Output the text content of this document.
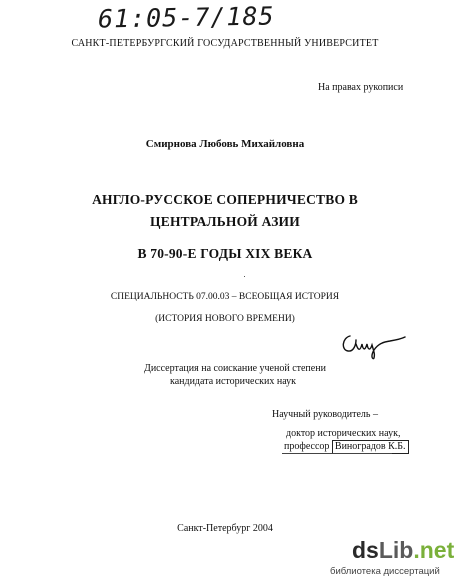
61:05-7/185
САНКТ-ПЕТЕРБУРГСКИЙ ГОСУДАРСТВЕННЫЙ УНИВЕРСИТЕТ
На правах рукописи
Смирнова Любовь Михайловна
АНГЛО-РУССКОЕ СОПЕРНИЧЕСТВО В
ЦЕНТРАЛЬНОЙ АЗИИ
В 70-90-Е ГОДЫ XIX ВЕКА
СПЕЦИАЛЬНОСТЬ 07.00.03 – ВСЕОБЩАЯ ИСТОРИЯ
(ИСТОРИЯ НОВОГО ВРЕМЕНИ)
Диссертация на соискание ученой степени
кандидата исторических наук
Научный руководитель –
доктор исторических наук,
профессор Виноградов К.Б.
Санкт-Петербург 2004
dsLib.net
библиотека диссертаций
